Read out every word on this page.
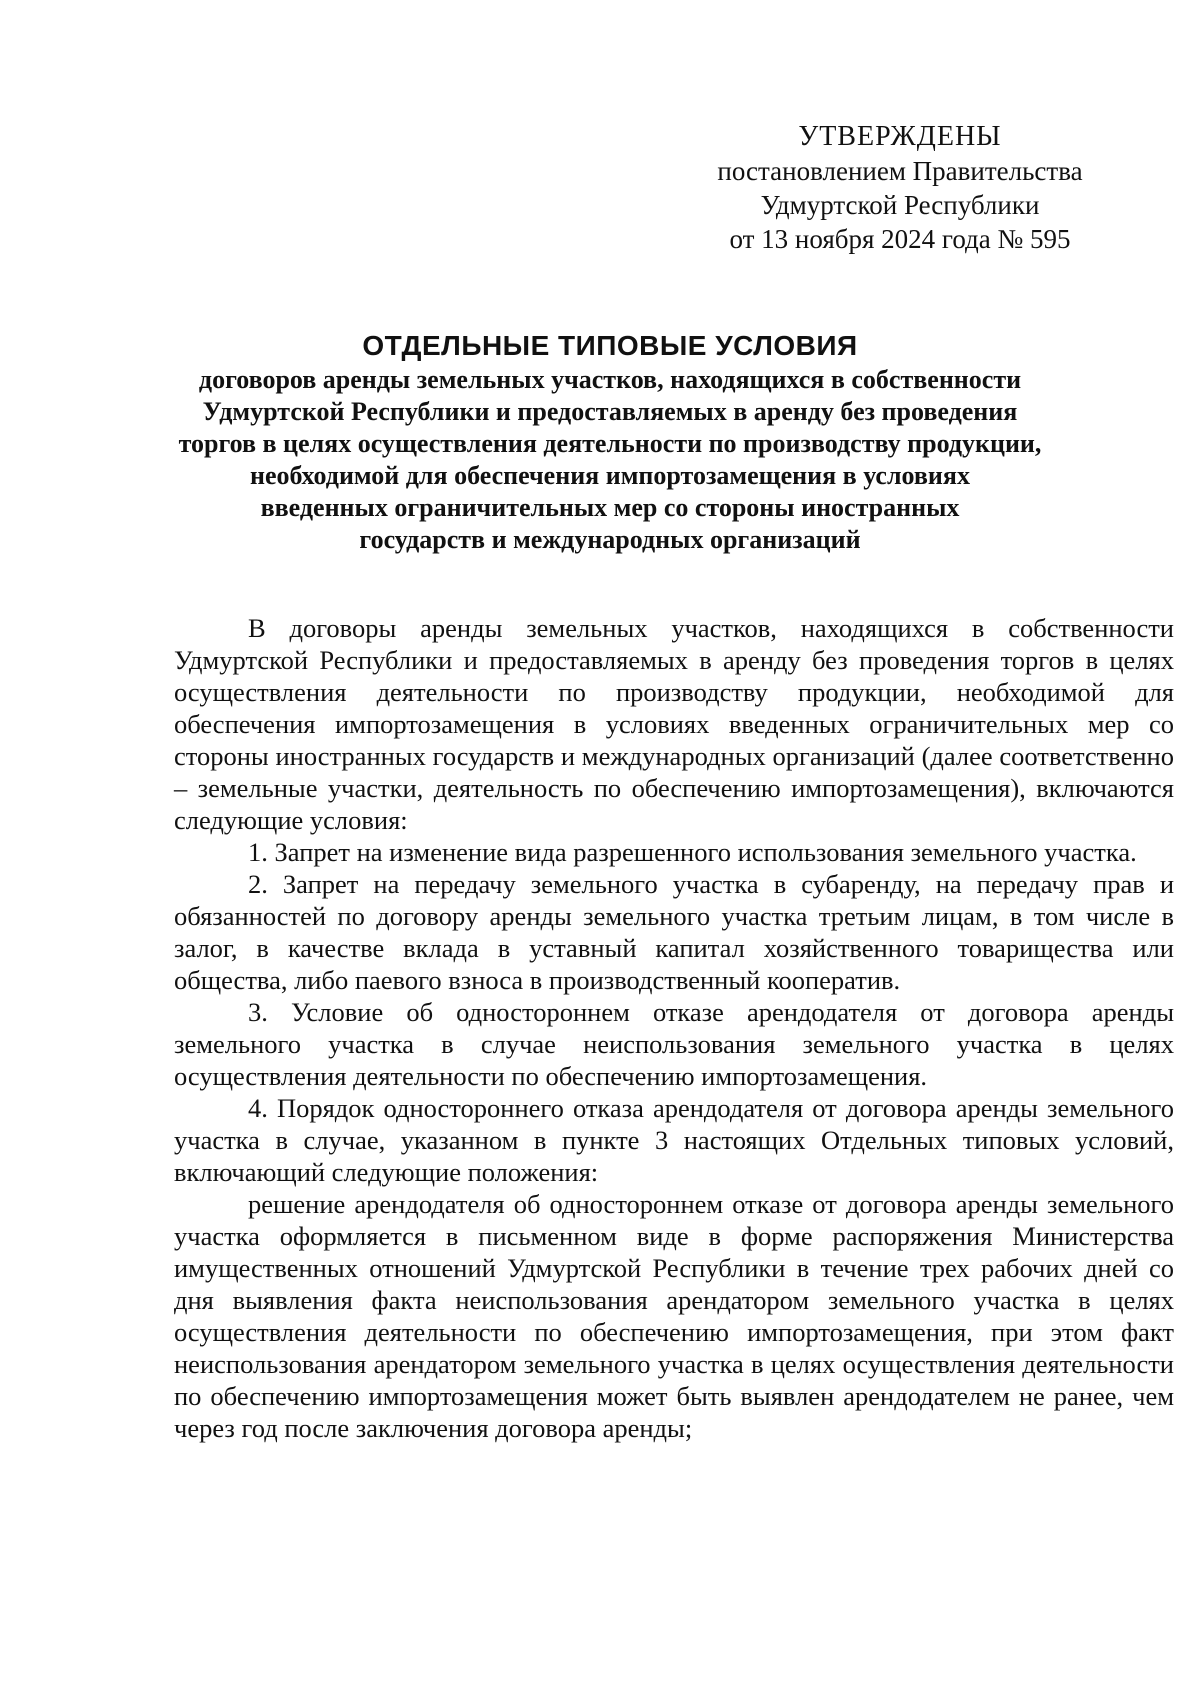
УТВЕРЖДЕНЫ
постановлением Правительства
Удмуртской Республики
от 13 ноября 2024 года № 595
ОТДЕЛЬНЫЕ ТИПОВЫЕ УСЛОВИЯ
договоров аренды земельных участков, находящихся в собственности
Удмуртской Республики и предоставляемых в аренду без проведения
торгов в целях осуществления деятельности по производству продукции,
необходимой для обеспечения импортозамещения в условиях
введенных ограничительных мер со стороны иностранных
государств и международных организаций

В договоры аренды земельных участков, находящихся в собственности Удмуртской Республики и предоставляемых в аренду без проведения торгов в целях осуществления деятельности по производству продукции, необходимой для обеспечения импортозамещения в условиях введенных ограничительных мер со стороны иностранных государств и международных организаций (далее соответственно – земельные участки, деятельность по обеспечению импортозамещения), включаются следующие условия:

1. Запрет на изменение вида разрешенного использования земельного участка.

2. Запрет на передачу земельного участка в субаренду, на передачу прав и обязанностей по договору аренды земельного участка третьим лицам, в том числе в залог, в качестве вклада в уставный капитал хозяйственного товарищества или общества, либо паевого взноса в производственный кооператив.

3. Условие об одностороннем отказе арендодателя от договора аренды земельного участка в случае неиспользования земельного участка в целях осуществления деятельности по обеспечению импортозамещения.

4. Порядок одностороннего отказа арендодателя от договора аренды земельного участка в случае, указанном в пункте 3 настоящих Отдельных типовых условий, включающий следующие положения:

решение арендодателя об одностороннем отказе от договора аренды земельного участка оформляется в письменном виде в форме распоряжения Министерства имущественных отношений Удмуртской Республики в течение трех рабочих дней со дня выявления факта неиспользования арендатором земельного участка в целях осуществления деятельности по обеспечению импортозамещения, при этом факт неиспользования арендатором земельного участка в целях осуществления деятельности по обеспечению импортозамещения может быть выявлен арендодателем не ранее, чем через год после заключения договора аренды;
